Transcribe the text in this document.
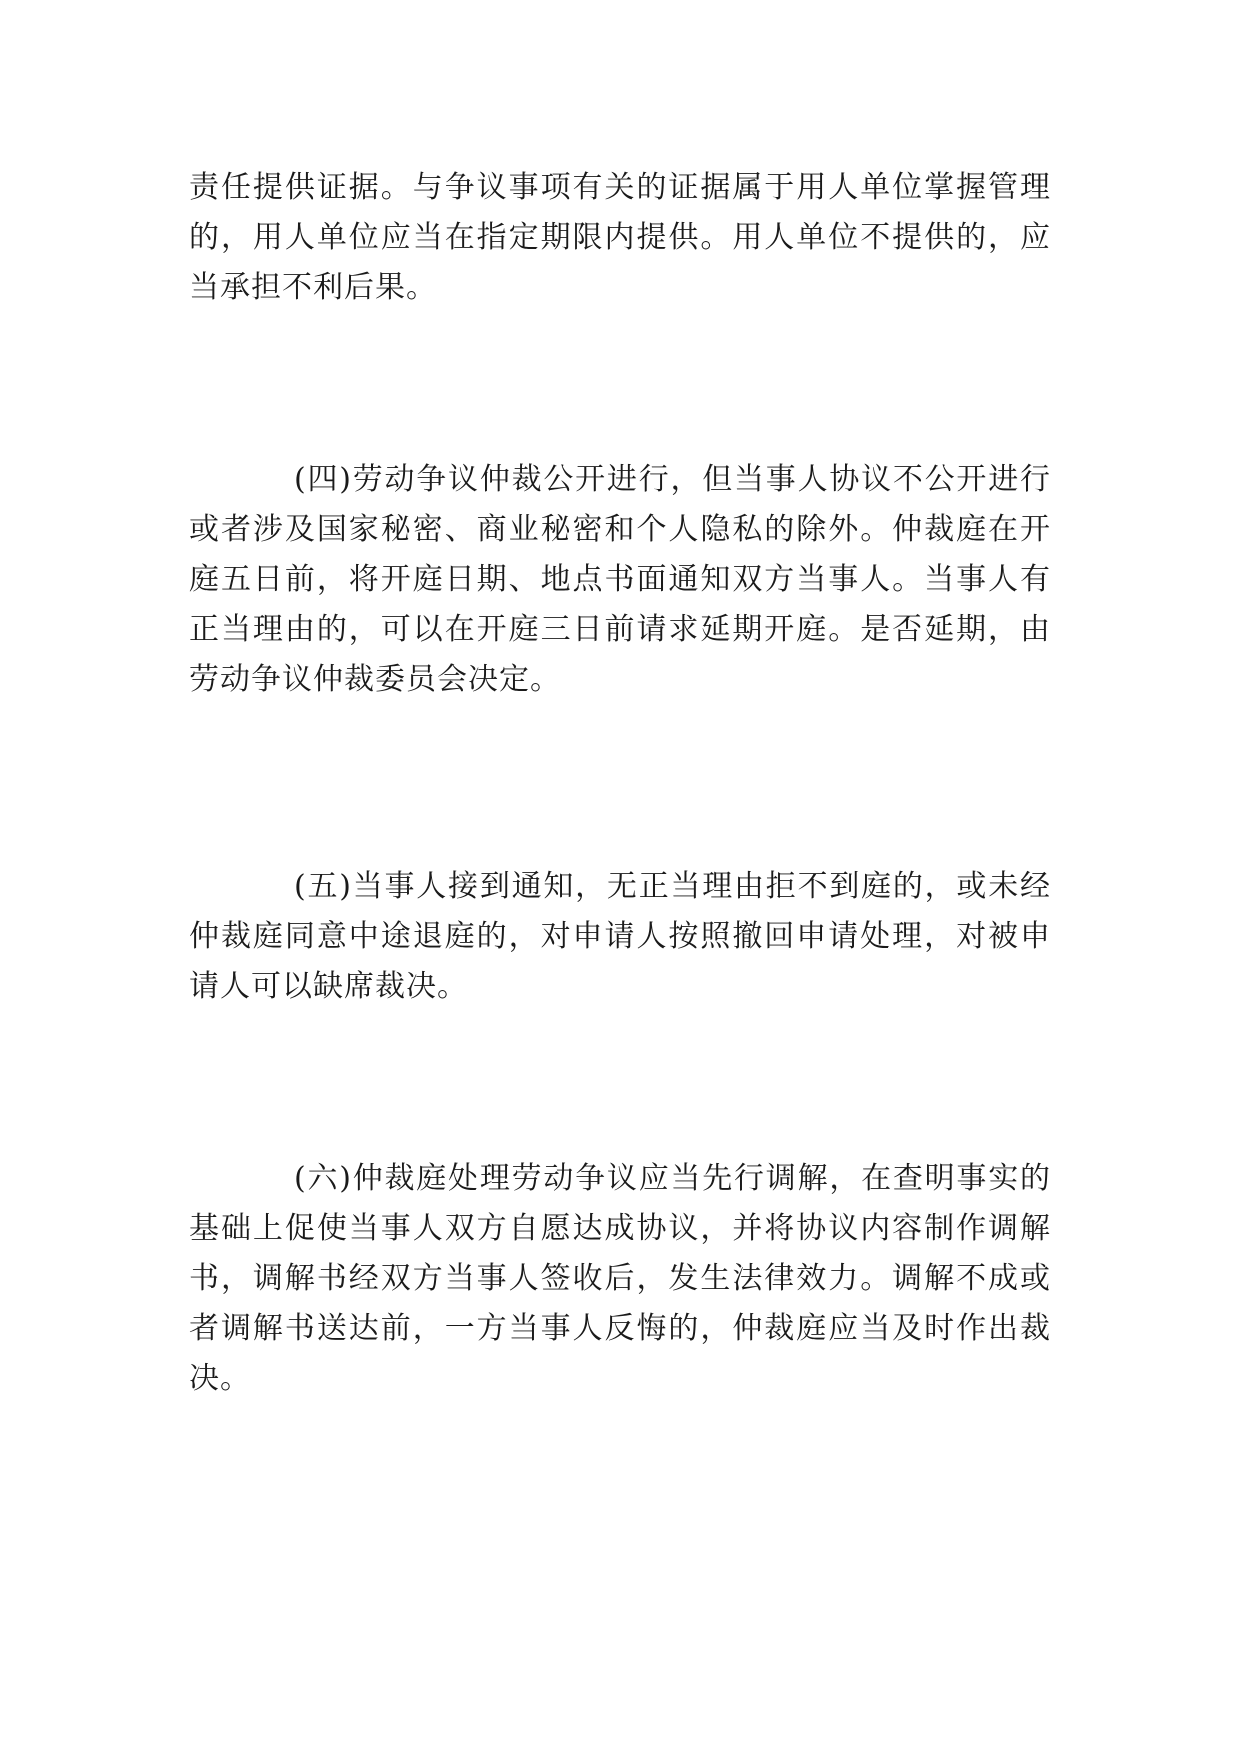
责任提供证据。与争议事项有关的证据属于用人单位掌握管理的，用人单位应当在指定期限内提供。用人单位不提供的，应当承担不利后果。

(四)劳动争议仲裁公开进行，但当事人协议不公开进行或者涉及国家秘密、商业秘密和个人隐私的除外。仲裁庭在开庭五日前，将开庭日期、地点书面通知双方当事人。当事人有正当理由的，可以在开庭三日前请求延期开庭。是否延期，由劳动争议仲裁委员会决定。

(五)当事人接到通知，无正当理由拒不到庭的，或未经仲裁庭同意中途退庭的，对申请人按照撤回申请处理，对被申请人可以缺席裁决。

(六)仲裁庭处理劳动争议应当先行调解，在查明事实的基础上促使当事人双方自愿达成协议，并将协议内容制作调解书，调解书经双方当事人签收后，发生法律效力。调解不成或者调解书送达前，一方当事人反悔的，仲裁庭应当及时作出裁决。
